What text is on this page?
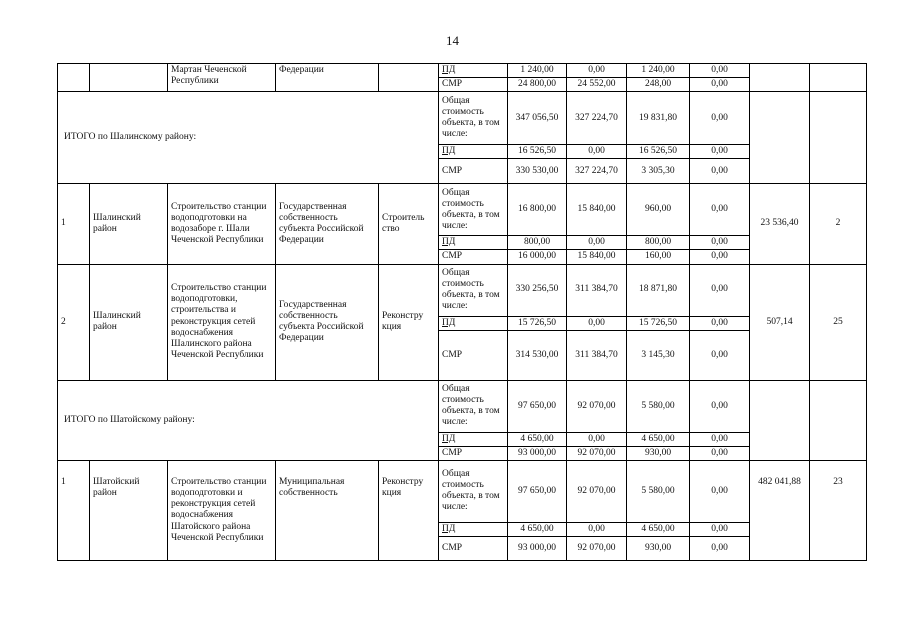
14
		Мартан Чеченской Республики	Федерации		ПД	1 240,00	0,00	1 240,00	0,00		
					СМР	24 800,00	24 552,00	248,00	0,00		
ИТОГО по Шалинскому району:					Общая стоимость объекта, в том числе:	347 056,50	327 224,70	19 831,80	0,00		
					ПД	16 526,50	0,00	16 526,50	0,00		
					СМР	330 530,00	327 224,70	3 305,30	0,00		
1	Шалинский район	Строительство станции водоподготовки на водозаборе г. Шали Чеченской Республики	Государственная собственность субъекта Российской Федерации	Строитель ство	Общая стоимость объекта, в том числе:	16 800,00	15 840,00	960,00	0,00	23 536,40	2
					ПД	800,00	0,00	800,00	0,00		
					СМР	16 000,00	15 840,00	160,00	0,00		
2	Шалинский район	Строительство станции водоподготовки, строительства и реконструкция сетей водоснабжения Шалинского района Чеченской Республики	Государственная собственность субъекта Российской Федерации	Реконстру кция	Общая стоимость объекта, в том числе:	330 256,50	311 384,70	18 871,80	0,00	507,14	25
					ПД	15 726,50	0,00	15 726,50	0,00		
					СМР	314 530,00	311 384,70	3 145,30	0,00		
ИТОГО по Шатойскому району:					Общая стоимость объекта, в том числе:	97 650,00	92 070,00	5 580,00	0,00		
					ПД	4 650,00	0,00	4 650,00	0,00		
					СМР	93 000,00	92 070,00	930,00	0,00		
1	Шатойский район	Строительство станции водоподготовки и реконструкция сетей водоснабжения Шатойского района Чеченской Республики	Муниципальная собственность	Реконстру кция	Общая стоимость объекта, в том числе:	97 650,00	92 070,00	5 580,00	0,00	482 041,88	23
					ПД	4 650,00	0,00	4 650,00	0,00		
					СМР	93 000,00	92 070,00	930,00	0,00		
